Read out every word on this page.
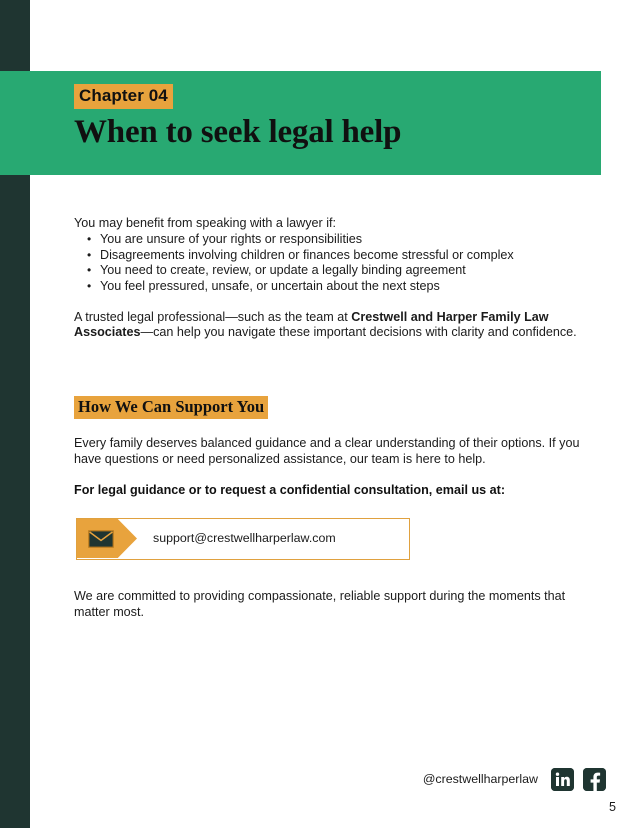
Chapter 04
When to seek legal help

You may benefit from speaking with a lawyer if:

• You are unsure of your rights or responsibilities
• Disagreements involving children or finances become stressful or complex
• You need to create, review, or update a legally binding agreement
• You feel pressured, unsafe, or uncertain about the next steps

A trusted legal professional—such as the team at Crestwell and Harper Family Law Associates—can help you navigate these important decisions with clarity and confidence.

How We Can Support You
Every family deserves balanced guidance and a clear understanding of their options. If you have questions or need personalized assistance, our team is here to help.
For legal guidance or to request a confidential consultation, email us at:
support@crestwellharperlaw.com
We are committed to providing compassionate, reliable support during the moments that matter most.
@crestwellharperlaw
5
